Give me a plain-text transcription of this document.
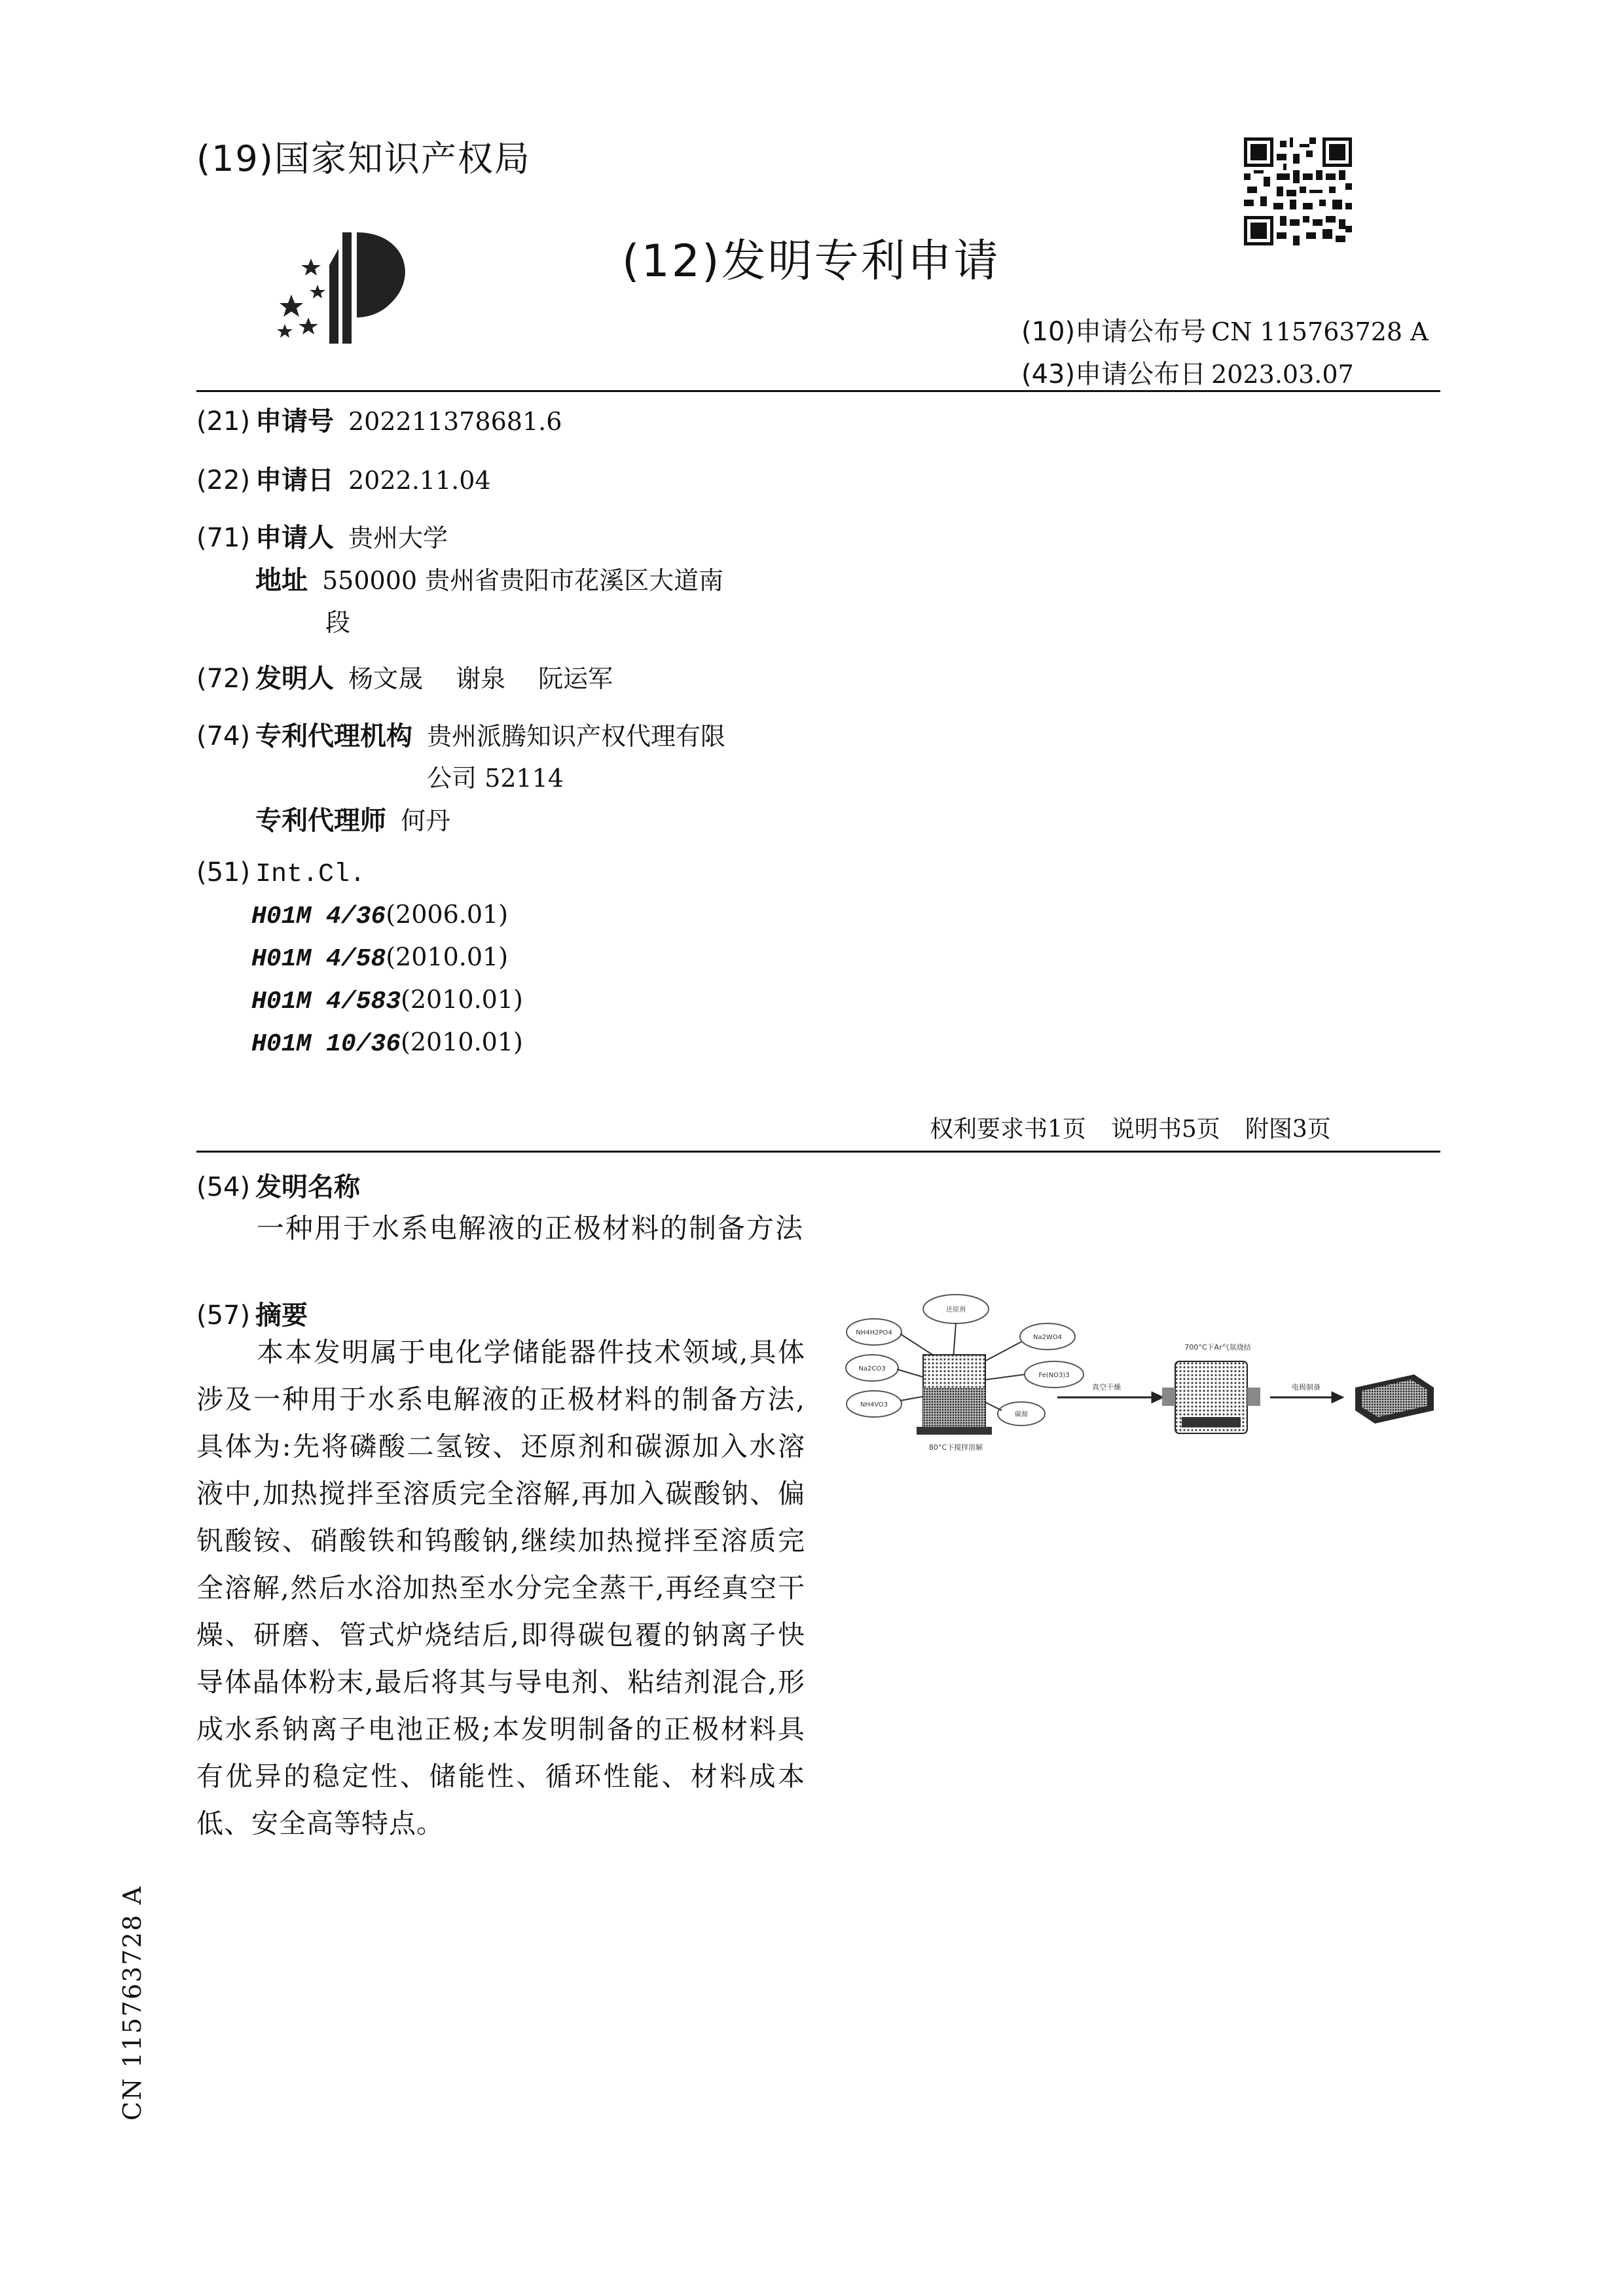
(19)国家知识产权局
(12)发明专利申请
(10)申请公布号 CN 115763728 A
(43)申请公布日 2023.03.07
(21) 申请号 202211378681.6
(22) 申请日 2022.11.04
(71) 申请人 贵州大学
地址 550000 贵州省贵阳市花溪区大道南
段
(72) 发明人 杨文晟　 谢泉　 阮运军
(74) 专利代理机构 贵州派腾知识产权代理有限
公司 52114
专利代理师 何丹
(51) Int.Cl.
H01M 4/36(2006.01)
H01M 4/58(2010.01)
H01M 4/583(2010.01)
H01M 10/36(2010.01)
权利要求书1页 说明书5页 附图3页
(54) 发明名称
一种用于水系电解液的正极材料的制备方法
(57) 摘要
本本发明属于电化学储能器件技术领域,具体涉及一种用于水系电解液的正极材料的制备方法,具体为:先将磷酸二氢铵、还原剂和碳源加入水溶液中,加热搅拌至溶质完全溶解,再加入碳酸钠、偏钒酸铵、硝酸铁和钨酸钠,继续加热搅拌至溶质完全溶解,然后水浴加热至水分完全蒸干,再经真空干燥、研磨、管式炉烧结后,即得碳包覆的钠离子快导体晶体粉末,最后将其与导电剂、粘结剂混合,形成水系钠离子电池正极;本发明制备的正极材料具有优异的稳定性、储能性、循环性能、材料成本低、安全高等特点。
还原剂
NH4H2PO4
Na2CO3
NH4VO3
Na2WO4
Fe(NO3)3
碳源
80°C下搅拌溶解
真空干燥
700°C下Ar气氛烧结
电极制备
CN 115763728 A
